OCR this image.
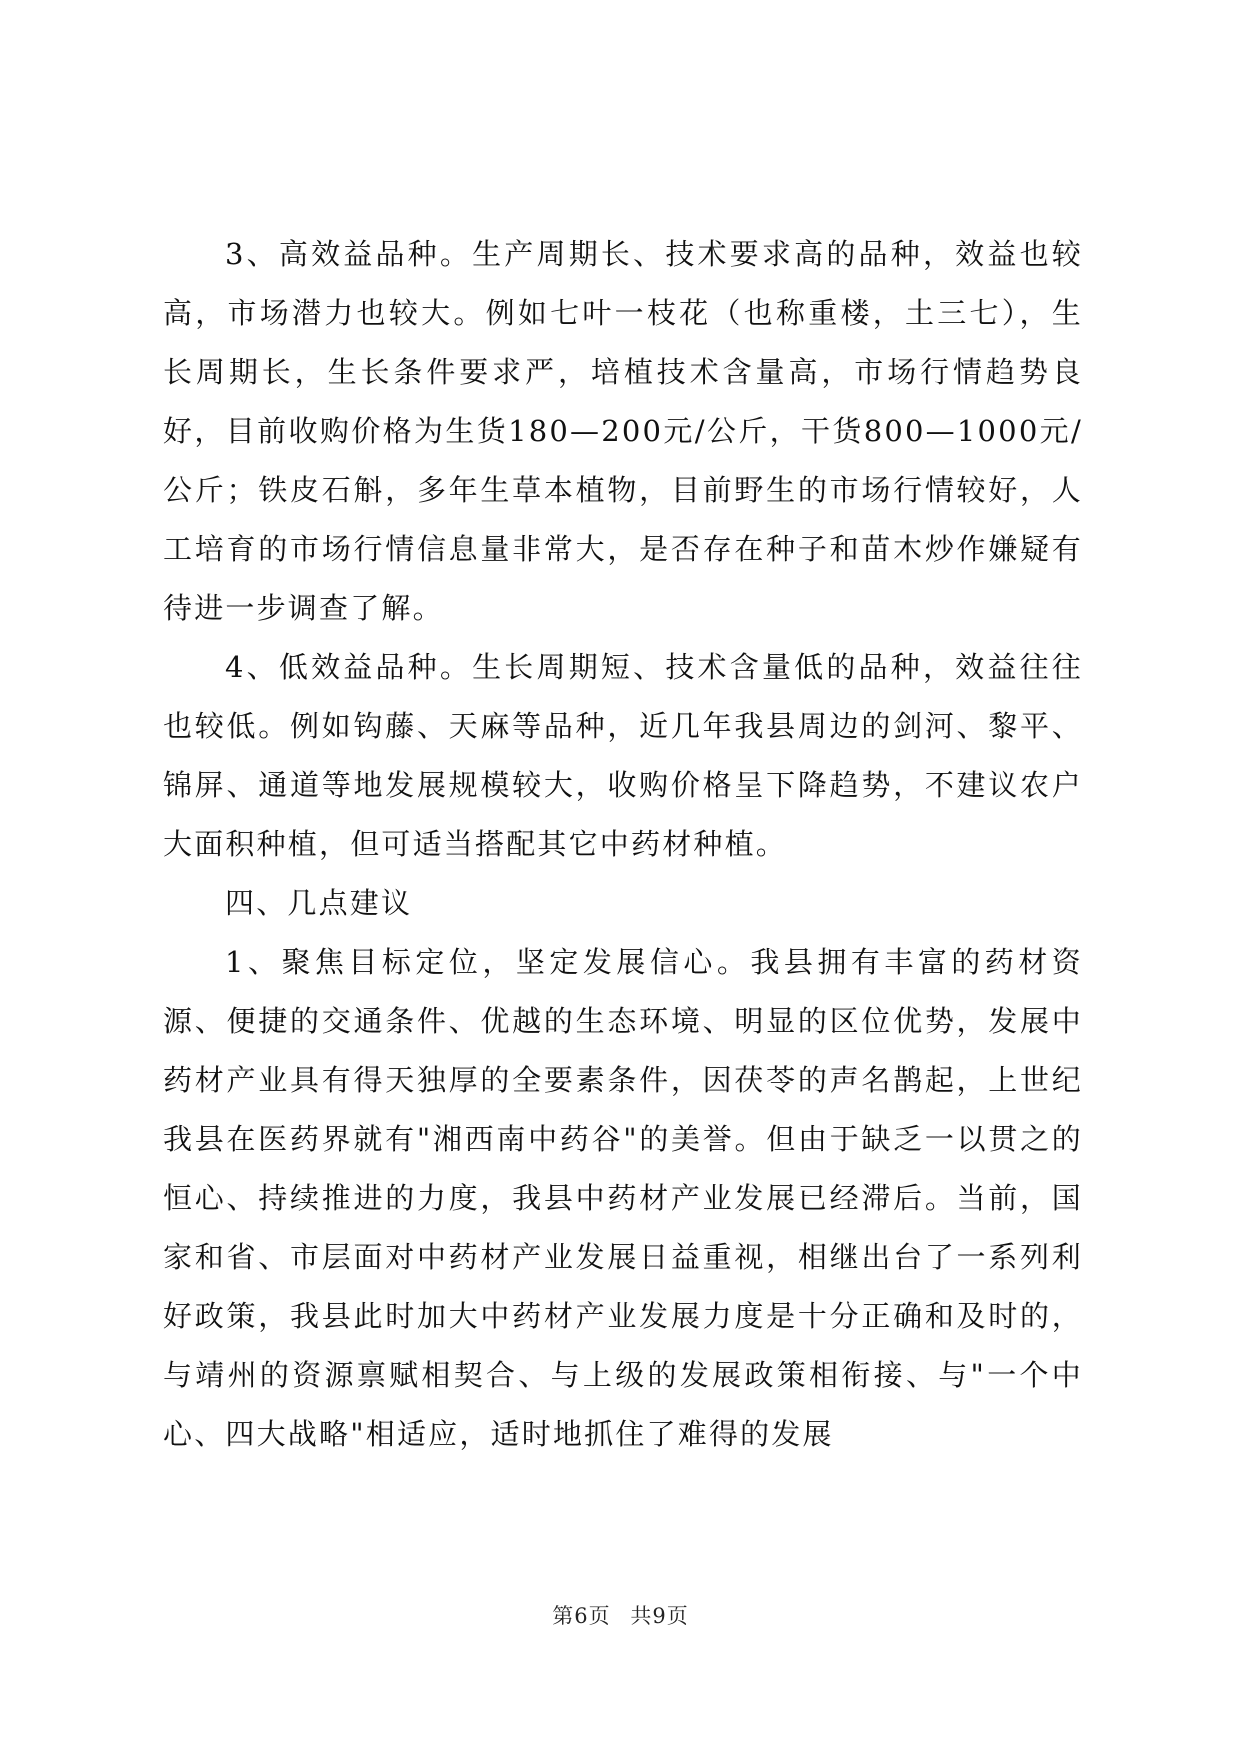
3、高效益品种。生产周期长、技术要求高的品种，效益也较高，市场潜力也较大。例如七叶一枝花（也称重楼，土三七），生长周期长，生长条件要求严，培植技术含量高，市场行情趋势良好，目前收购价格为生货180—200元/公斤，干货800—1000元/公斤；铁皮石斛，多年生草本植物，目前野生的市场行情较好，人工培育的市场行情信息量非常大，是否存在种子和苗木炒作嫌疑有待进一步调查了解。

4、低效益品种。生长周期短、技术含量低的品种，效益往往也较低。例如钩藤、天麻等品种，近几年我县周边的剑河、黎平、锦屏、通道等地发展规模较大，收购价格呈下降趋势，不建议农户大面积种植，但可适当搭配其它中药材种植。

四、几点建议

1、聚焦目标定位，坚定发展信心。我县拥有丰富的药材资源、便捷的交通条件、优越的生态环境、明显的区位优势，发展中药材产业具有得天独厚的全要素条件，因茯苓的声名鹊起，上世纪我县在医药界就有"湘西南中药谷"的美誉。但由于缺乏一以贯之的恒心、持续推进的力度，我县中药材产业发展已经滞后。当前，国家和省、市层面对中药材产业发展日益重视，相继出台了一系列利好政策，我县此时加大中药材产业发展力度是十分正确和及时的，与靖州的资源禀赋相契合、与上级的发展政策相衔接、与"一个中心、四大战略"相适应，适时地抓住了难得的发展

第6页 共9页
